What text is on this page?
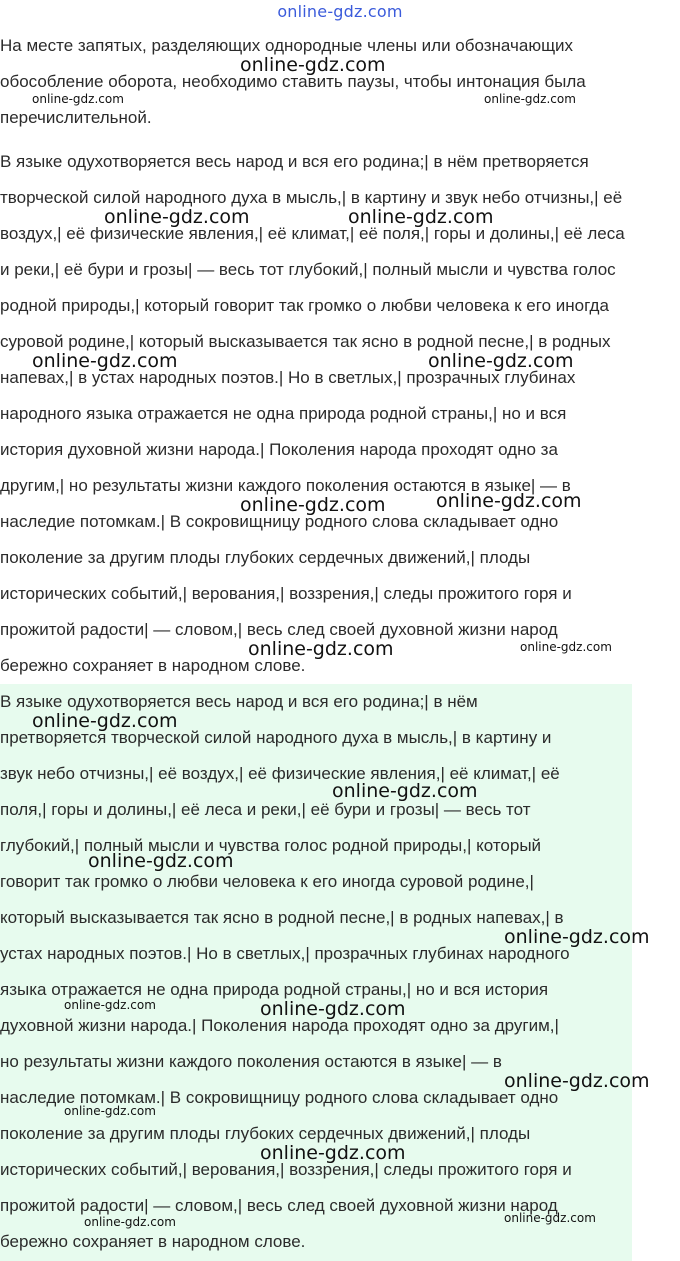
online-gdz.com

На месте запятых, разделяющих однородные члены или обозначающих
обособление оборота, необходимо ставить паузы, чтобы интонация была
перечислительной.

В языке одухотворяется весь народ и вся его родина;| в нём претворяется
творческой силой народного духа в мысль,| в картину и звук небо отчизны,| её
воздух,| её физические явления,| её климат,| её поля,| горы и долины,| её леса
и реки,| её бури и грозы| — весь тот глубокий,| полный мысли и чувства голос
родной природы,| который говорит так громко о любви человека к его иногда
суровой родине,| который высказывается так ясно в родной песне,| в родных
напевах,| в устах народных поэтов.| Но в светлых,| прозрачных глубинах
народного языка отражается не одна природа родной страны,| но и вся
история духовной жизни народа.| Поколения народа проходят одно за
другим,| но результаты жизни каждого поколения остаются в языке| — в
наследие потомкам.| В сокровищницу родного слова складывает одно
поколение за другим плоды глубоких сердечных движений,| плоды
исторических событий,| верования,| воззрения,| следы прожитого горя и
прожитой радости| — словом,| весь след своей духовной жизни народ
бережно сохраняет в народном слове.

В языке одухотворяется весь народ и вся его родина;| в нём
претворяется творческой силой народного духа в мысль,| в картину и
звук небо отчизны,| её воздух,| её физические явления,| её климат,| её
поля,| горы и долины,| её леса и реки,| её бури и грозы| — весь тот
глубокий,| полный мысли и чувства голос родной природы,| который
говорит так громко о любви человека к его иногда суровой родине,|
который высказывается так ясно в родной песне,| в родных напевах,| в
устах народных поэтов.| Но в светлых,| прозрачных глубинах народного
языка отражается не одна природа родной страны,| но и вся история
духовной жизни народа.| Поколения народа проходят одно за другим,|
но результаты жизни каждого поколения остаются в языке| — в
наследие потомкам.| В сокровищницу родного слова складывает одно
поколение за другим плоды глубоких сердечных движений,| плоды
исторических событий,| верования,| воззрения,| следы прожитого горя и
прожитой радости| — словом,| весь след своей духовной жизни народ
бережно сохраняет в народном слове.

online-gdz.com
online-gdz.com	online-gdz.com
online-gdz.com	online-gdz.com
online-gdz.com	online-gdz.com
online-gdz.com	online-gdz.com
online-gdz.com	online-gdz.com
online-gdz.com
online-gdz.com
online-gdz.com
online-gdz.com
online-gdz.com	online-gdz.com
online-gdz.com
online-gdz.com
online-gdz.com
online-gdz.com	online-gdz.com
